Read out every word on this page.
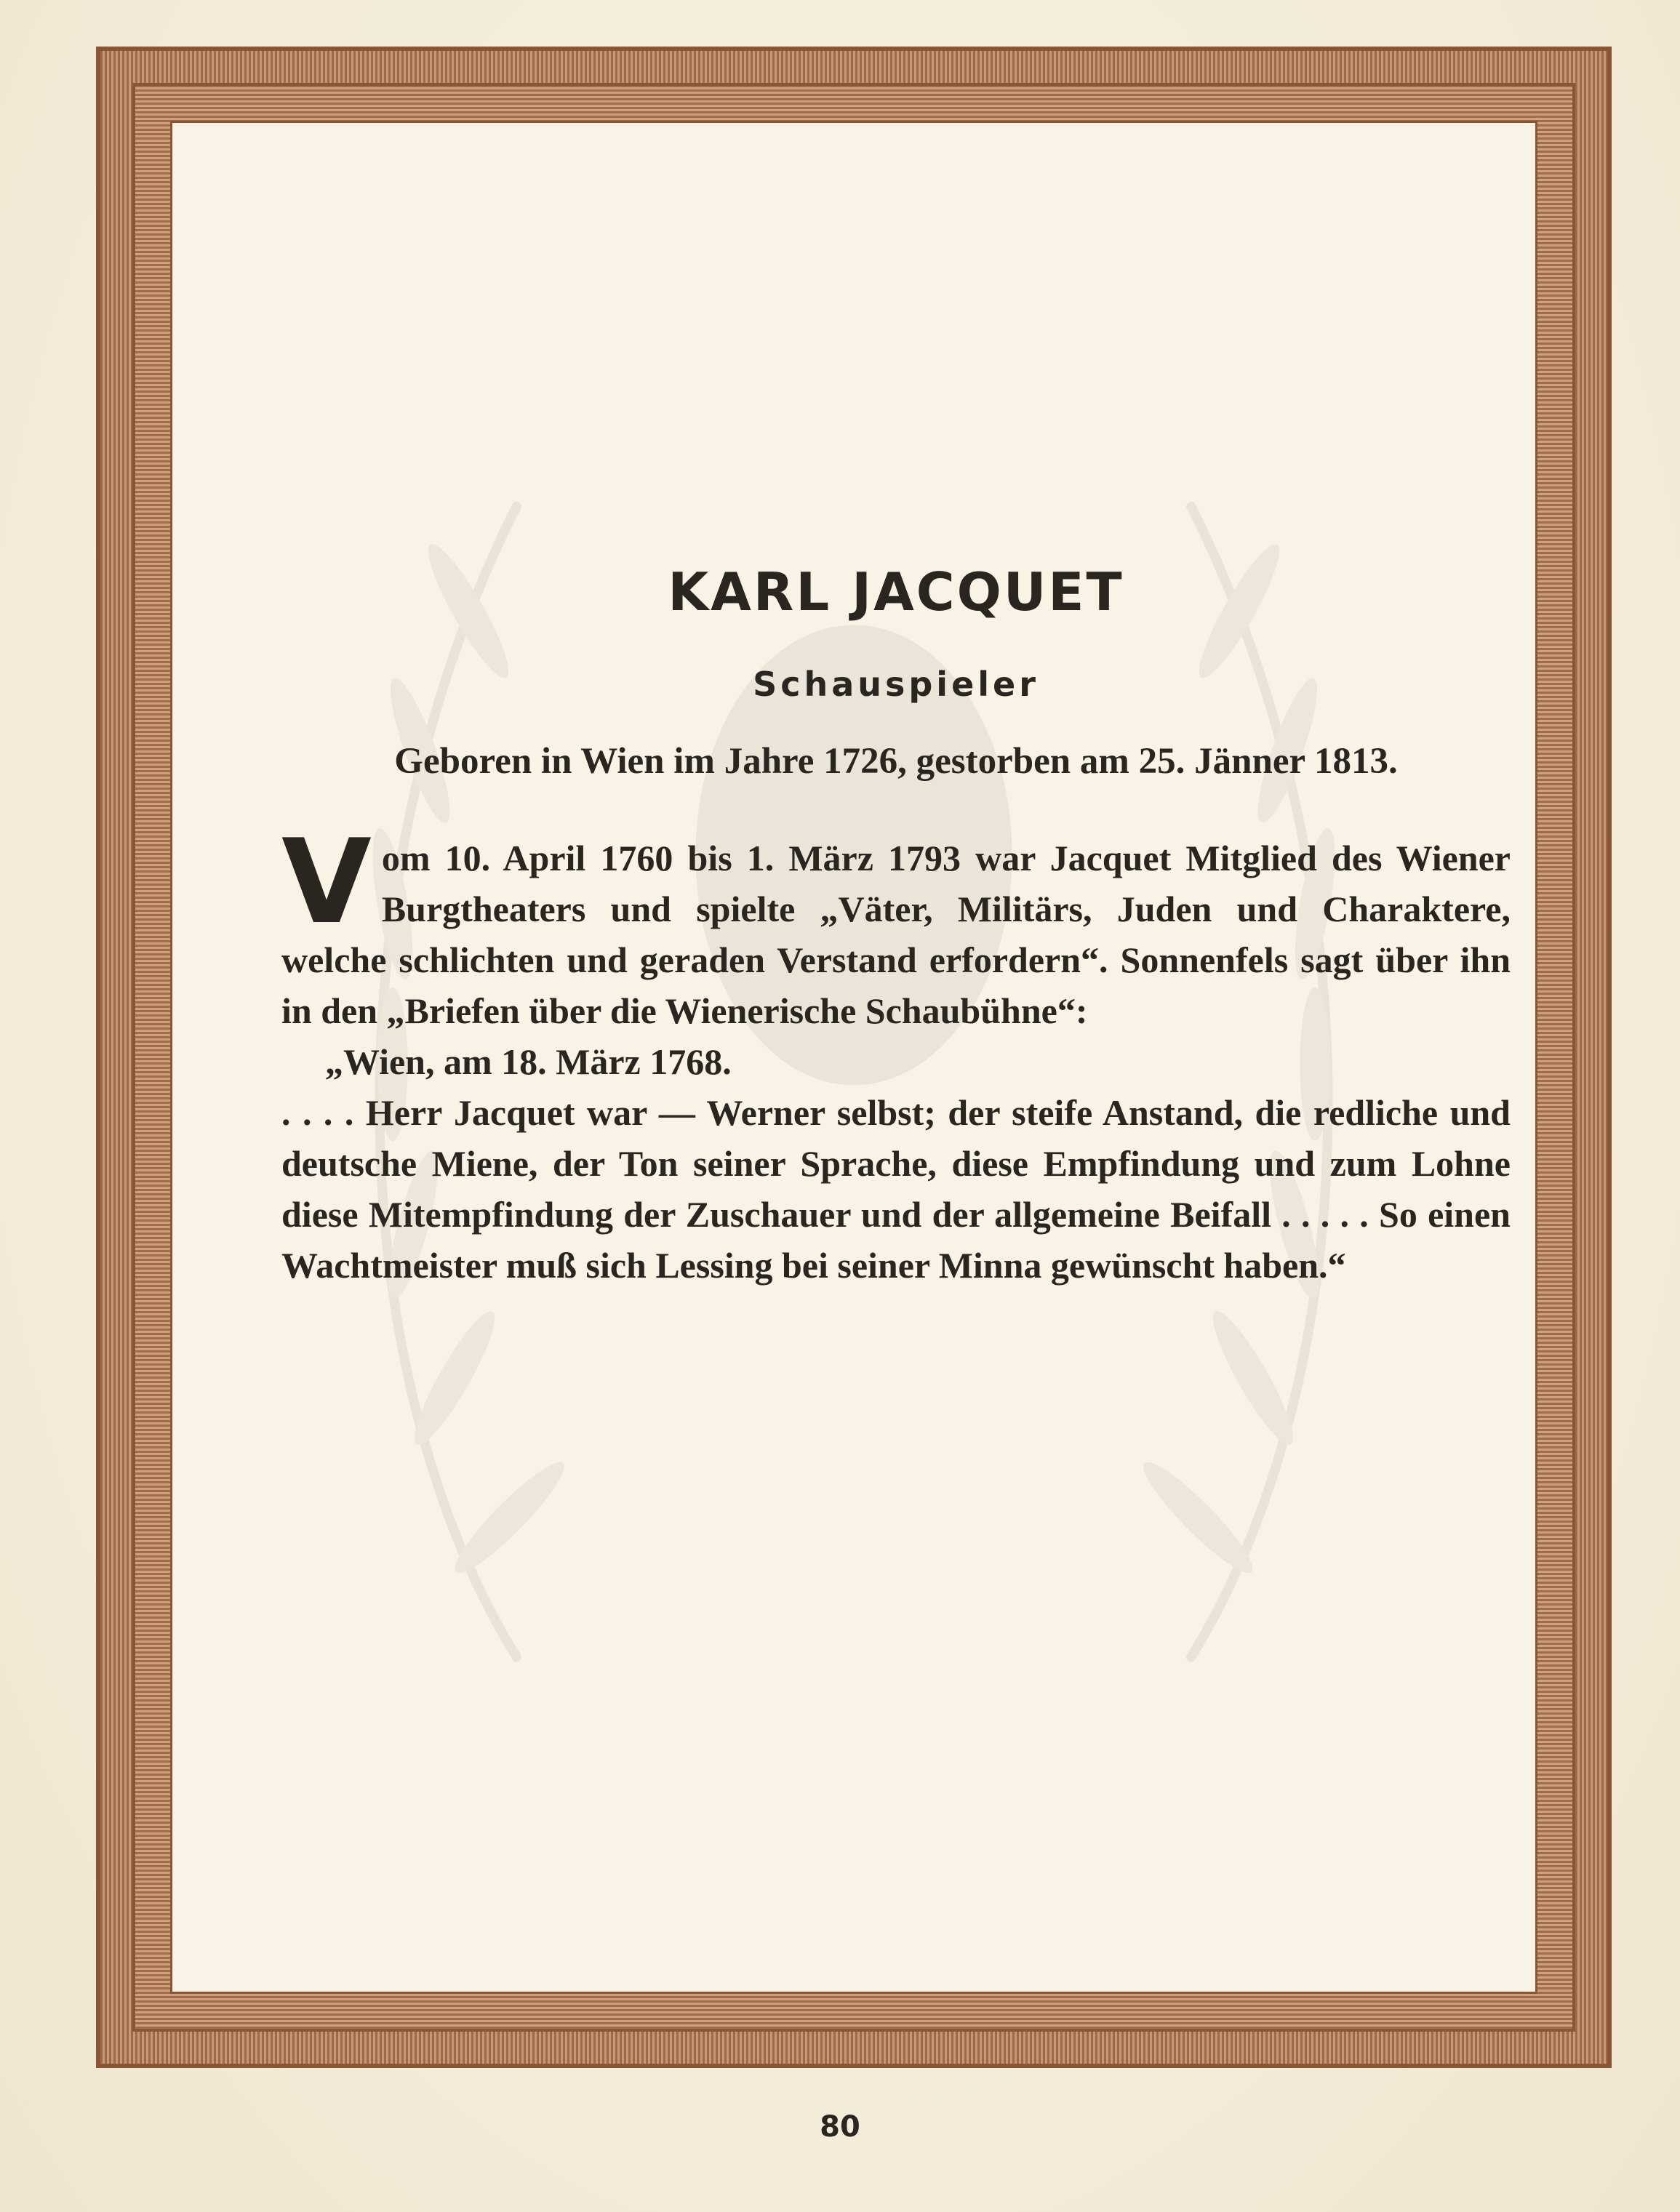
KARL JACQUET
Schauspieler
Geboren in Wien im Jahre 1726, gestorben am 25. Jänner 1813.

Vom 10. April 1760 bis 1. März 1793 war Jacquet Mitglied des Wiener Burgtheaters und spielte „Väter, Militärs, Juden und Charaktere, welche schlichten und geraden Verstand erfordern“. Sonnenfels sagt über ihn in den „Briefen über die Wienerische Schaubühne“:

„Wien, am 18. März 1768.

. . . . Herr Jacquet war — Werner selbst; der steife Anstand, die redliche und deutsche Miene, der Ton seiner Sprache, diese Empfindung und zum Lohne diese Mitempfindung der Zuschauer und der allgemeine Beifall . . . . . So einen Wachtmeister muß sich Lessing bei seiner Minna gewünscht haben.“

80
